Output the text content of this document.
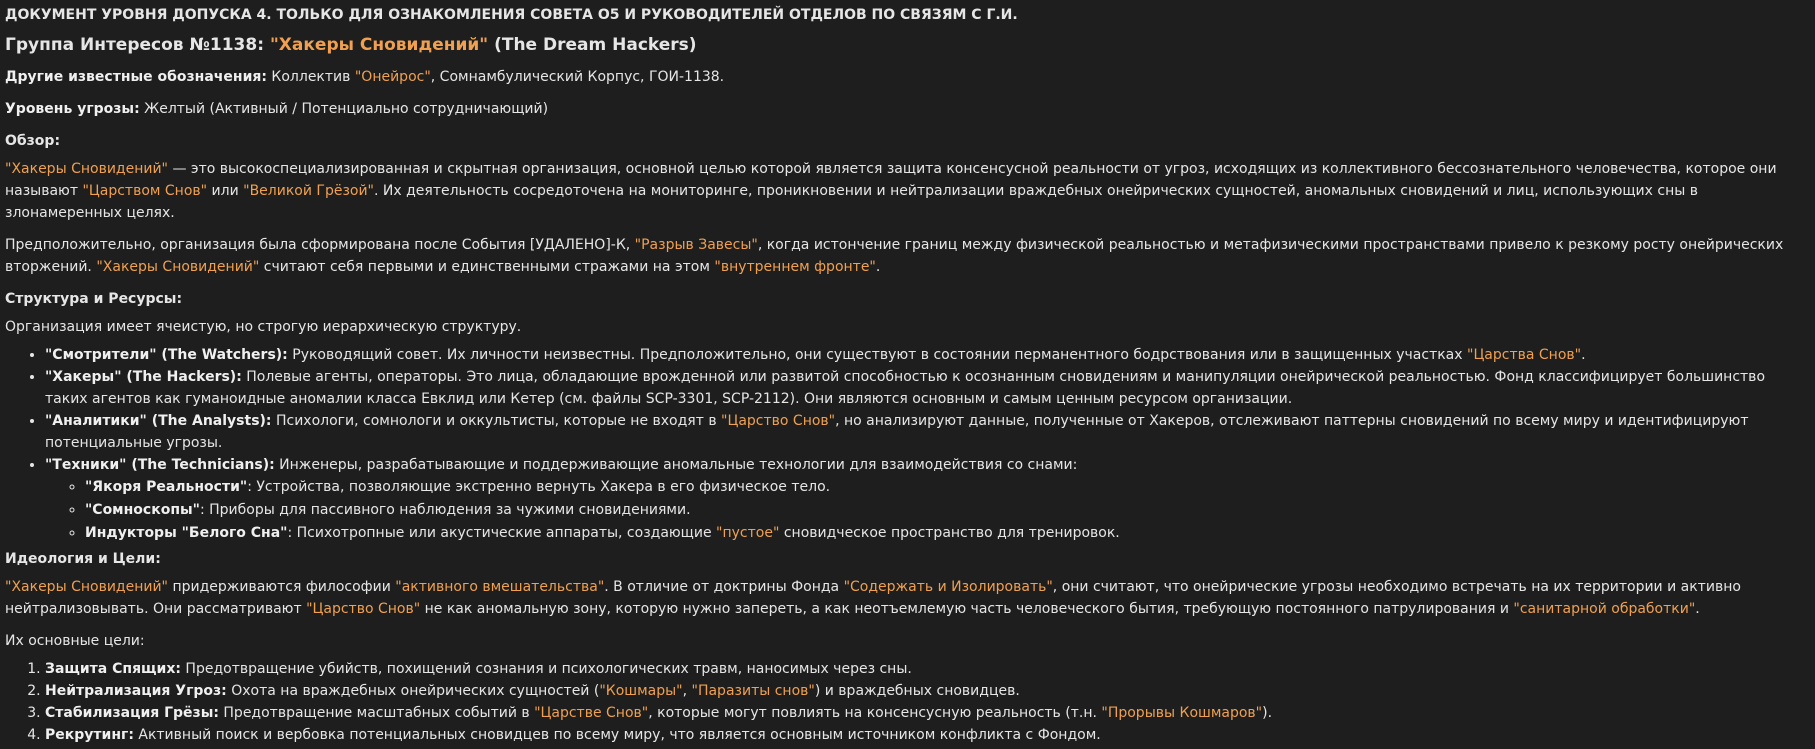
ДОКУМЕНТ УРОВНЯ ДОПУСКА 4. ТОЛЬКО ДЛЯ ОЗНАКОМЛЕНИЯ СОВЕТА О5 И РУКОВОДИТЕЛЕЙ ОТДЕЛОВ ПО СВЯЗЯМ С Г.И.
Группа Интересов №1138: "Хакеры Сновидений" (The Dream Hackers)

Другие известные обозначения: Коллектив "Онейрос", Сомнамбулический Корпус, ГОИ-1138.

Уровень угрозы: Желтый (Активный / Потенциально сотрудничающий)

Обзор:

"Хакеры Сновидений" — это высокоспециализированная и скрытная организация, основной целью которой является защита консенсусной реальности от угроз, исходящих из коллективного бессознательного человечества, которое они называют "Царством Снов" или "Великой Грёзой". Их деятельность сосредоточена на мониторинге, проникновении и нейтрализации враждебных онейрических сущностей, аномальных сновидений и лиц, использующих сны в злонамеренных целях.

Предположительно, организация была сформирована после События [УДАЛЕНО]-К, "Разрыв Завесы", когда истончение границ между физической реальностью и метафизическими пространствами привело к резкому росту онейрических вторжений. "Хакеры Сновидений" считают себя первыми и единственными стражами на этом "внутреннем фронте".

Структура и Ресурсы:

Организация имеет ячеистую, но строгую иерархическую структуру.

• "Смотрители" (The Watchers): Руководящий совет. Их личности неизвестны. Предположительно, они существуют в состоянии перманентного бодрствования или в защищенных участках "Царства Снов".
• "Хакеры" (The Hackers): Полевые агенты, операторы. Это лица, обладающие врожденной или развитой способностью к осознанным сновидениям и манипуляции онейрической реальностью. Фонд классифицирует большинство таких агентов как гуманоидные аномалии класса Евклид или Кетер (см. файлы SCP-3301, SCP-2112). Они являются основным и самым ценным ресурсом организации.
• "Аналитики" (The Analysts): Психологи, сомнологи и оккультисты, которые не входят в "Царство Снов", но анализируют данные, полученные от Хакеров, отслеживают паттерны сновидений по всему миру и идентифицируют потенциальные угрозы.
• "Техники" (The Technicians): Инженеры, разрабатывающие и поддерживающие аномальные технологии для взаимодействия со снами:
◦ "Якоря Реальности": Устройства, позволяющие экстренно вернуть Хакера в его физическое тело.
◦ "Сомноскопы": Приборы для пассивного наблюдения за чужими сновидениями.
◦ Индукторы "Белого Сна": Психотропные или акустические аппараты, создающие "пустое" сновидческое пространство для тренировок.
Идеология и Цели:

"Хакеры Сновидений" придерживаются философии "активного вмешательства". В отличие от доктрины Фонда "Содержать и Изолировать", они считают, что онейрические угрозы необходимо встречать на их территории и активно нейтрализовывать. Они рассматривают "Царство Снов" не как аномальную зону, которую нужно запереть, а как неотъемлемую часть человеческого бытия, требующую постоянного патрулирования и "санитарной обработки".

Их основные цели:

1. Защита Спящих: Предотвращение убийств, похищений сознания и психологических травм, наносимых через сны.
2. Нейтрализация Угроз: Охота на враждебных онейрических сущностей ("Кошмары", "Паразиты снов") и враждебных сновидцев.
3. Стабилизация Грёзы: Предотвращение масштабных событий в "Царстве Снов", которые могут повлиять на консенсусную реальность (т.н. "Прорывы Кошмаров").
4. Рекрутинг: Активный поиск и вербовка потенциальных сновидцев по всему миру, что является основным источником конфликта с Фондом.
